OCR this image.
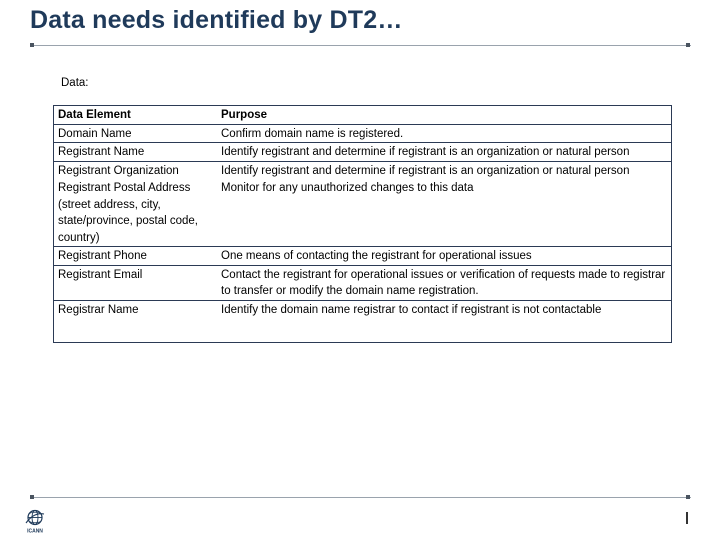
Data needs identified by DT2…
Data:
Data Element	Purpose
Domain Name	Confirm domain name is registered.
Registrant Name	Identify registrant and determine if registrant is an organization or natural person
Registrant Organization	Identify registrant and determine if registrant is an organization or natural person
Registrant Postal Address (street address, city, state/province, postal code, country)	Monitor for any unauthorized changes to this data
Registrant Phone	One means of contacting the registrant for operational issues
Registrant Email	Contact the registrant for operational issues or verification of requests made to registrar to transfer or modify the domain name registration.
Registrar Name	Identify the domain name registrar to contact if registrant is not contactable
ICANN
